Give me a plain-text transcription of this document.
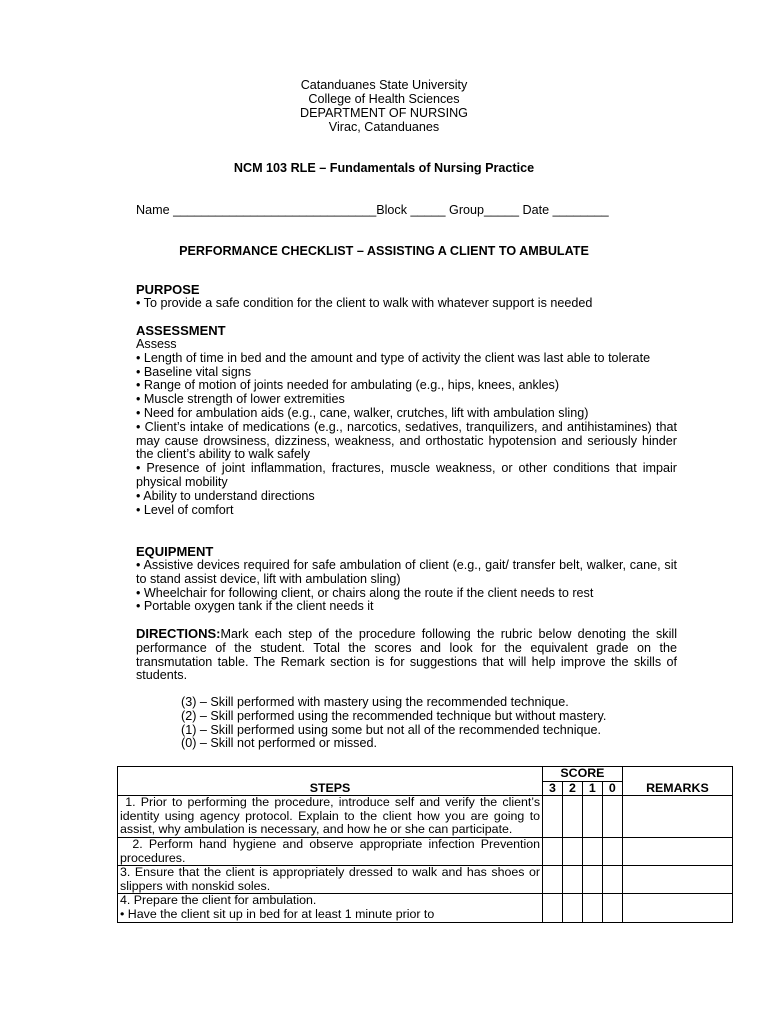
Catanduanes State University
College of Health Sciences
DEPARTMENT OF NURSING
Virac, Catanduanes
NCM 103 RLE – Fundamentals of Nursing Practice
Name _____________________________Block _____ Group_____ Date ________
PERFORMANCE CHECKLIST – ASSISTING A CLIENT TO AMBULATE
PURPOSE

• To provide a safe condition for the client to walk with whatever support is needed

ASSESSMENT

Assess

• Length of time in bed and the amount and type of activity the client was last able to tolerate

• Baseline vital signs

• Range of motion of joints needed for ambulating (e.g., hips, knees, ankles)

• Muscle strength of lower extremities

• Need for ambulation aids (e.g., cane, walker, crutches, lift with ambulation sling)

• Client’s intake of medications (e.g., narcotics, sedatives, tranquilizers, and antihistamines) that may cause drowsiness, dizziness, weakness, and orthostatic hypotension and seriously hinder the client’s ability to walk safely

• Presence of joint inflammation, fractures, muscle weakness, or other conditions that impair physical mobility

• Ability to understand directions

• Level of comfort

EQUIPMENT

• Assistive devices required for safe ambulation of client (e.g., gait/ transfer belt, walker, cane, sit to stand assist device, lift with ambulation sling)

• Wheelchair for following client, or chairs along the route if the client needs to rest

• Portable oxygen tank if the client needs it

DIRECTIONS:Mark each step of the procedure following the rubric below denoting the skill performance of the student. Total the scores and look for the equivalent grade on the transmutation table. The Remark section is for suggestions that will help improve the skills of students.

(3) – Skill performed with mastery using the recommended technique.
(2) – Skill performed using the recommended technique but without mastery.
(1) – Skill performed using some but not all of the recommended technique.
(0) – Skill not performed or missed.
STEPS	SCORE				REMARKS
	3	2	1	0	
1. Prior to performing the procedure, introduce self and verify the client’s identity using agency protocol. Explain to the client how you are going to assist, why ambulation is necessary, and how he or she can participate.					
2. Perform hand hygiene and observe appropriate infection Prevention procedures.					
3. Ensure that the client is appropriately dressed to walk and has shoes or slippers with nonskid soles.					
4. Prepare the client for ambulation.
• Have the client sit up in bed for at least 1 minute prior to					
